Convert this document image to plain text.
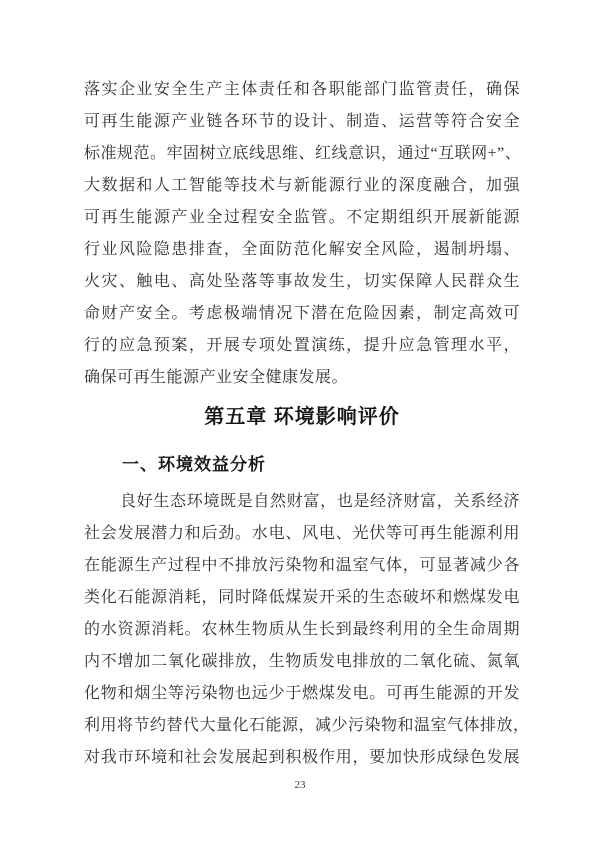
落实企业安全生产主体责任和各职能部门监管责任，确保
可再生能源产业链各环节的设计、制造、运营等符合安全
标准规范。牢固树立底线思维、红线意识，通过“互联网+”、
大数据和人工智能等技术与新能源行业的深度融合，加强
可再生能源产业全过程安全监管。不定期组织开展新能源
行业风险隐患排查，全面防范化解安全风险，遏制坍塌、
火灾、触电、高处坠落等事故发生，切实保障人民群众生
命财产安全。考虑极端情况下潜在危险因素，制定高效可
行的应急预案，开展专项处置演练，提升应急管理水平，
确保可再生能源产业安全健康发展。
第五章 环境影响评价
一、环境效益分析
良好生态环境既是自然财富，也是经济财富，关系经济
社会发展潜力和后劲。水电、风电、光伏等可再生能源利用
在能源生产过程中不排放污染物和温室气体，可显著减少各
类化石能源消耗，同时降低煤炭开采的生态破坏和燃煤发电
的水资源消耗。农林生物质从生长到最终利用的全生命周期
内不增加二氧化碳排放，生物质发电排放的二氧化硫、氮氧
化物和烟尘等污染物也远少于燃煤发电。可再生能源的开发
利用将节约替代大量化石能源，减少污染物和温室气体排放，
对我市环境和社会发展起到积极作用，要加快形成绿色发展
23
